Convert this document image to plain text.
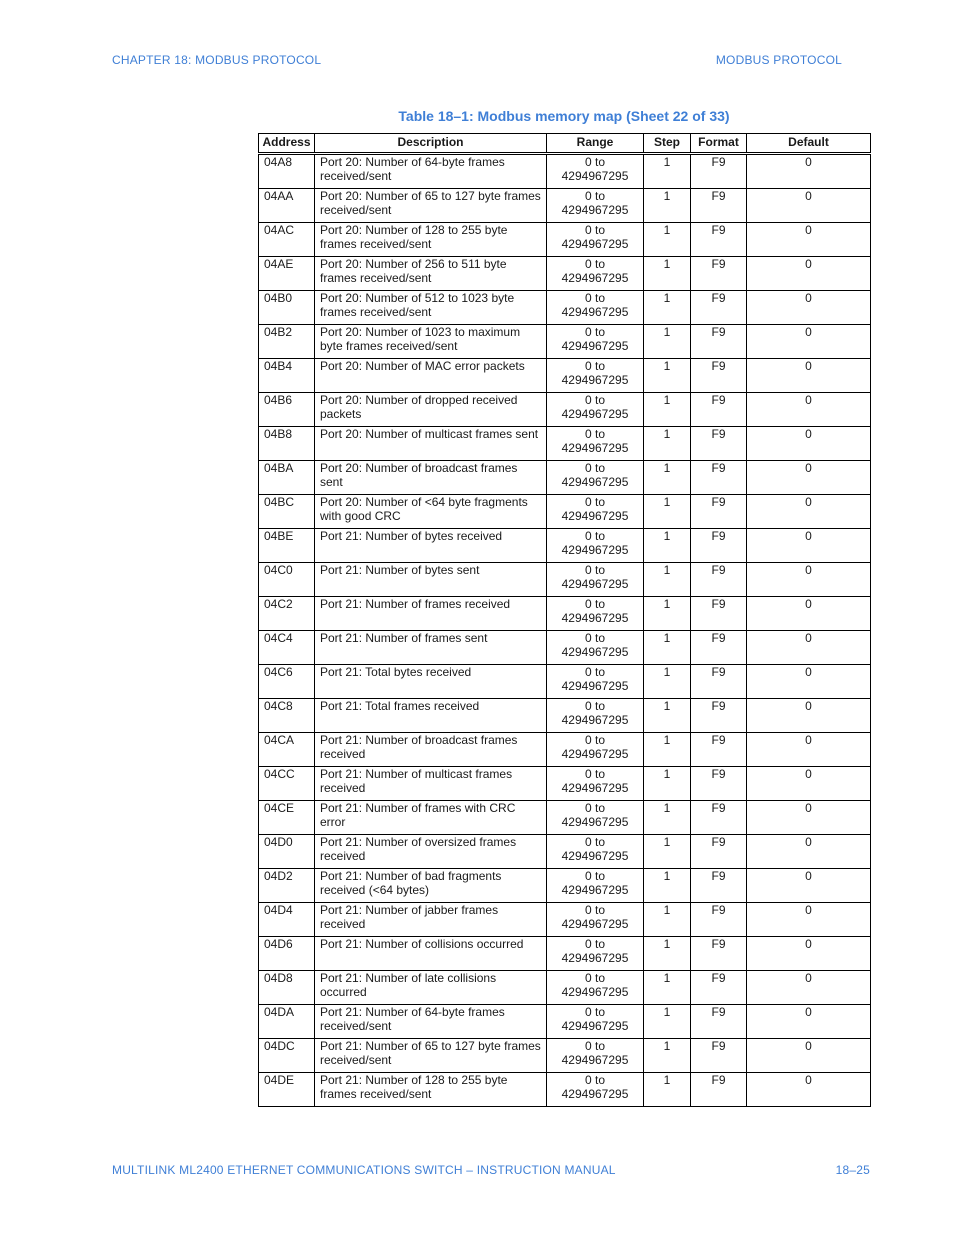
CHAPTER 18: MODBUS PROTOCOL	MODBUS PROTOCOL
Table 18–1: Modbus memory map (Sheet 22 of 33)
Address	Description	Range	Step	Format	Default
04A8	Port 20: Number of 64-byte frames received/sent	0 to 4294967295	1	F9	0
04AA	Port 20: Number of 65 to 127 byte frames received/sent	0 to 4294967295	1	F9	0
04AC	Port 20: Number of 128 to 255 byte frames received/sent	0 to 4294967295	1	F9	0
04AE	Port 20: Number of 256 to 511 byte frames received/sent	0 to 4294967295	1	F9	0
04B0	Port 20: Number of 512 to 1023 byte frames received/sent	0 to 4294967295	1	F9	0
04B2	Port 20: Number of 1023 to maximum byte frames received/sent	0 to 4294967295	1	F9	0
04B4	Port 20: Number of MAC error packets	0 to 4294967295	1	F9	0
04B6	Port 20: Number of dropped received packets	0 to 4294967295	1	F9	0
04B8	Port 20: Number of multicast frames sent	0 to 4294967295	1	F9	0
04BA	Port 20: Number of broadcast frames sent	0 to 4294967295	1	F9	0
04BC	Port 20: Number of <64 byte fragments with good CRC	0 to 4294967295	1	F9	0
04BE	Port 21: Number of bytes received	0 to 4294967295	1	F9	0
04C0	Port 21: Number of bytes sent	0 to 4294967295	1	F9	0
04C2	Port 21: Number of frames received	0 to 4294967295	1	F9	0
04C4	Port 21: Number of frames sent	0 to 4294967295	1	F9	0
04C6	Port 21: Total bytes received	0 to 4294967295	1	F9	0
04C8	Port 21: Total frames received	0 to 4294967295	1	F9	0
04CA	Port 21: Number of broadcast frames received	0 to 4294967295	1	F9	0
04CC	Port 21: Number of multicast frames received	0 to 4294967295	1	F9	0
04CE	Port 21: Number of frames with CRC error	0 to 4294967295	1	F9	0
04D0	Port 21: Number of oversized frames received	0 to 4294967295	1	F9	0
04D2	Port 21: Number of bad fragments received (<64 bytes)	0 to 4294967295	1	F9	0
04D4	Port 21: Number of jabber frames received	0 to 4294967295	1	F9	0
04D6	Port 21: Number of collisions occurred	0 to 4294967295	1	F9	0
04D8	Port 21: Number of late collisions occurred	0 to 4294967295	1	F9	0
04DA	Port 21: Number of 64-byte frames received/sent	0 to 4294967295	1	F9	0
04DC	Port 21: Number of 65 to 127 byte frames received/sent	0 to 4294967295	1	F9	0
04DE	Port 21: Number of 128 to 255 byte frames received/sent	0 to 4294967295	1	F9	0
MULTILINK ML2400 ETHERNET COMMUNICATIONS SWITCH – INSTRUCTION MANUAL	18–25
